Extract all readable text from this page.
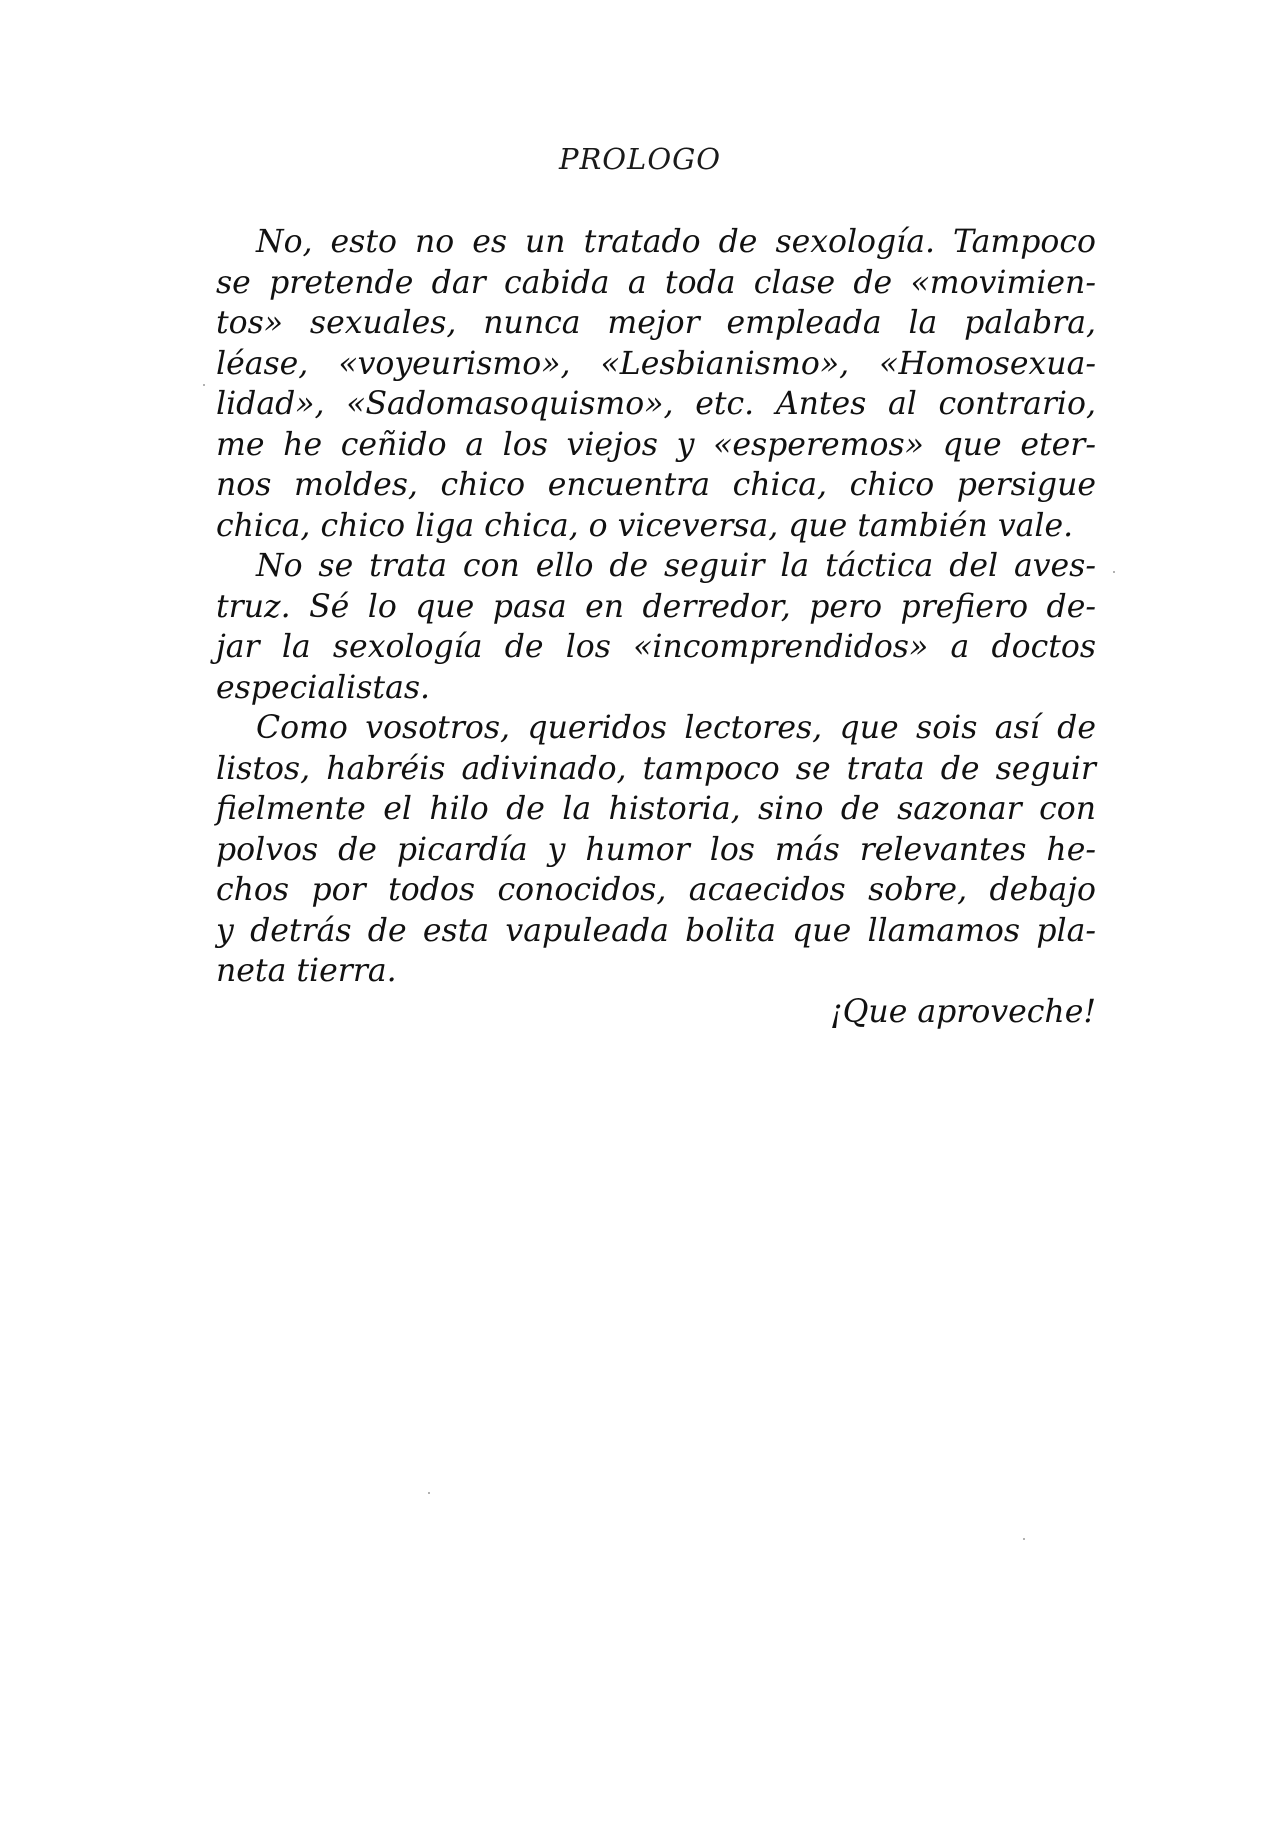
PROLOGO
No, esto no es un tratado de sexología. Tampoco
se pretende dar cabida a toda clase de «movimien-
tos» sexuales, nunca mejor empleada la palabra,
léase, «voyeurismo», «Lesbianismo», «Homosexua-
lidad», «Sadomasoquismo», etc. Antes al contrario,
me he ceñido a los viejos y «esperemos» que eter-
nos moldes, chico encuentra chica, chico persigue
chica, chico liga chica, o viceversa, que también vale.
No se trata con ello de seguir la táctica del aves-
truz. Sé lo que pasa en derredor, pero prefiero de-
jar la sexología de los «incomprendidos» a doctos
especialistas.
Como vosotros, queridos lectores, que sois así de
listos, habréis adivinado, tampoco se trata de seguir
fielmente el hilo de la historia, sino de sazonar con
polvos de picardía y humor los más relevantes he-
chos por todos conocidos, acaecidos sobre, debajo
y detrás de esta vapuleada bolita que llamamos pla-
neta tierra.
¡Que aproveche!
